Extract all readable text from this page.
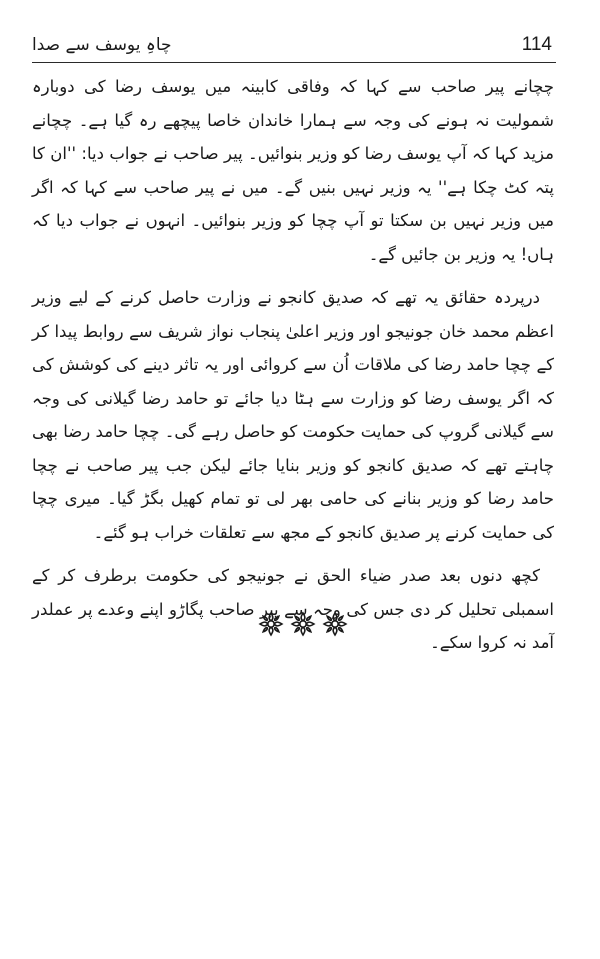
چاہِ یوسف سے صدا	114

چچانے پیر صاحب سے کہا کہ وفاقی کابینہ میں یوسف رضا کی دوبارہ شمولیت نہ ہونے کی وجہ سے ہمارا خاندان خاصا پیچھے رہ گیا ہے۔ چچانے مزید کہا کہ آپ یوسف رضا کو وزیر بنوائیں۔ پیر صاحب نے جواب دیا: ''ان کا پتہ کٹ چکا ہے'' یہ وزیر نہیں بنیں گے۔ میں نے پیر صاحب سے کہا کہ اگر میں وزیر نہیں بن سکتا تو آپ چچا کو وزیر بنوائیں۔ انہوں نے جواب دیا کہ ہاں! یہ وزیر بن جائیں گے۔

درپردہ حقائق یہ تھے کہ صدیق کانجو نے وزارت حاصل کرنے کے لیے وزیر اعظم محمد خان جونیجو اور وزیر اعلیٰ پنجاب نواز شریف سے روابط پیدا کر کے چچا حامد رضا کی ملاقات اُن سے کروائی اور یہ تاثر دینے کی کوشش کی کہ اگر یوسف رضا کو وزارت سے ہٹا دیا جائے تو حامد رضا گیلانی کی وجہ سے گیلانی گروپ کی حمایت حکومت کو حاصل رہے گی۔ چچا حامد رضا بھی چاہتے تھے کہ صدیق کانجو کو وزیر بنایا جائے لیکن جب پیر صاحب نے چچا حامد رضا کو وزیر بنانے کی حامی بھر لی تو تمام کھیل بگڑ گیا۔ میری چچا کی حمایت کرنے پر صدیق کانجو کے مجھ سے تعلقات خراب ہو گئے۔

کچھ دنوں بعد صدر ضیاء الحق نے جونیجو کی حکومت برطرف کر کے اسمبلی تحلیل کر دی جس کی وجہ سے پیر صاحب پگاڑو اپنے وعدے پر عملدر آمد نہ کروا سکے۔
